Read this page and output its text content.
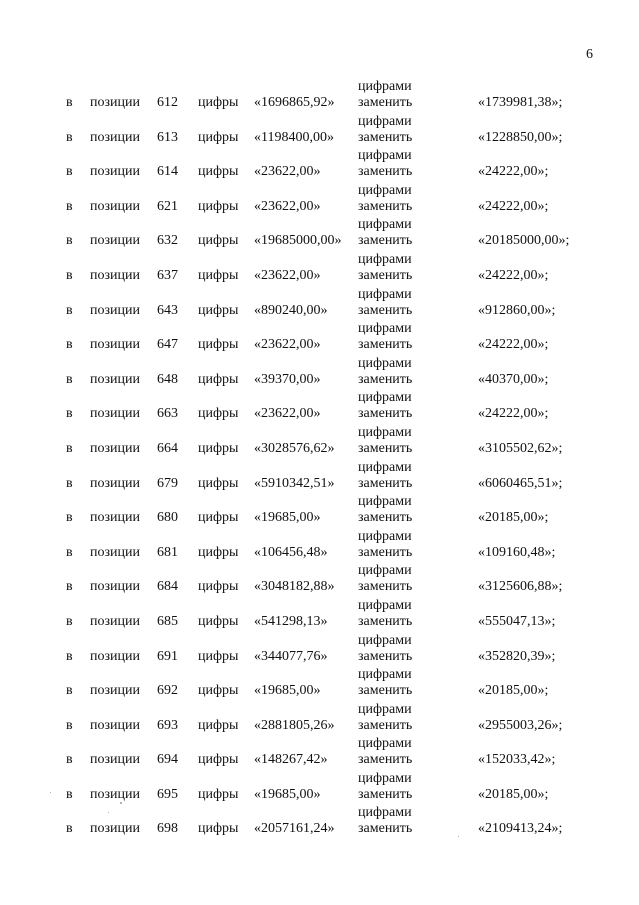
6
цифрами
в позиции 612 цифры «1696865,92» заменить	«1739981,38»;
цифрами
в позиции 613 цифры «1198400,00» заменить	«1228850,00»;
цифрами
в позиции 614 цифры «23622,00»	заменить	«24222,00»;
цифрами
в позиции 621 цифры «23622,00»	заменить	«24222,00»;
цифрами
в позиции 632 цифры «19685000,00» заменить	«20185000,00»;
цифрами
в позиции 637 цифры «23622,00»	заменить	«24222,00»;
цифрами
в позиции 643 цифры «890240,00» заменить	«912860,00»;
цифрами
в позиции 647 цифры «23622,00»	заменить	«24222,00»;
цифрами
в позиции 648 цифры «39370,00»	заменить	«40370,00»;
цифрами
в позиции 663 цифры «23622,00»	заменить	«24222,00»;
цифрами
в позиции 664 цифры «3028576,62» заменить	«3105502,62»;
цифрами
в позиции 679 цифры «5910342,51» заменить	«6060465,51»;
цифрами
в позиции 680 цифры «19685,00»	заменить	«20185,00»;
цифрами
в позиции 681 цифры «106456,48» заменить	«109160,48»;
цифрами
в позиции 684 цифры «3048182,88» заменить	«3125606,88»;
цифрами
в позиции 685 цифры «541298,13» заменить	«555047,13»;
цифрами
в позиции 691 цифры «344077,76» заменить	«352820,39»;
цифрами
в позиции 692 цифры «19685,00»	заменить	«20185,00»;
цифрами
в позиции 693 цифры «2881805,26» заменить	«2955003,26»;
цифрами
в позиции 694 цифры «148267,42» заменить	«152033,42»;
цифрами
в позиции 695 цифры «19685,00»	заменить	«20185,00»;
цифрами
в позиции 698 цифры «2057161,24» заменить	«2109413,24»;
